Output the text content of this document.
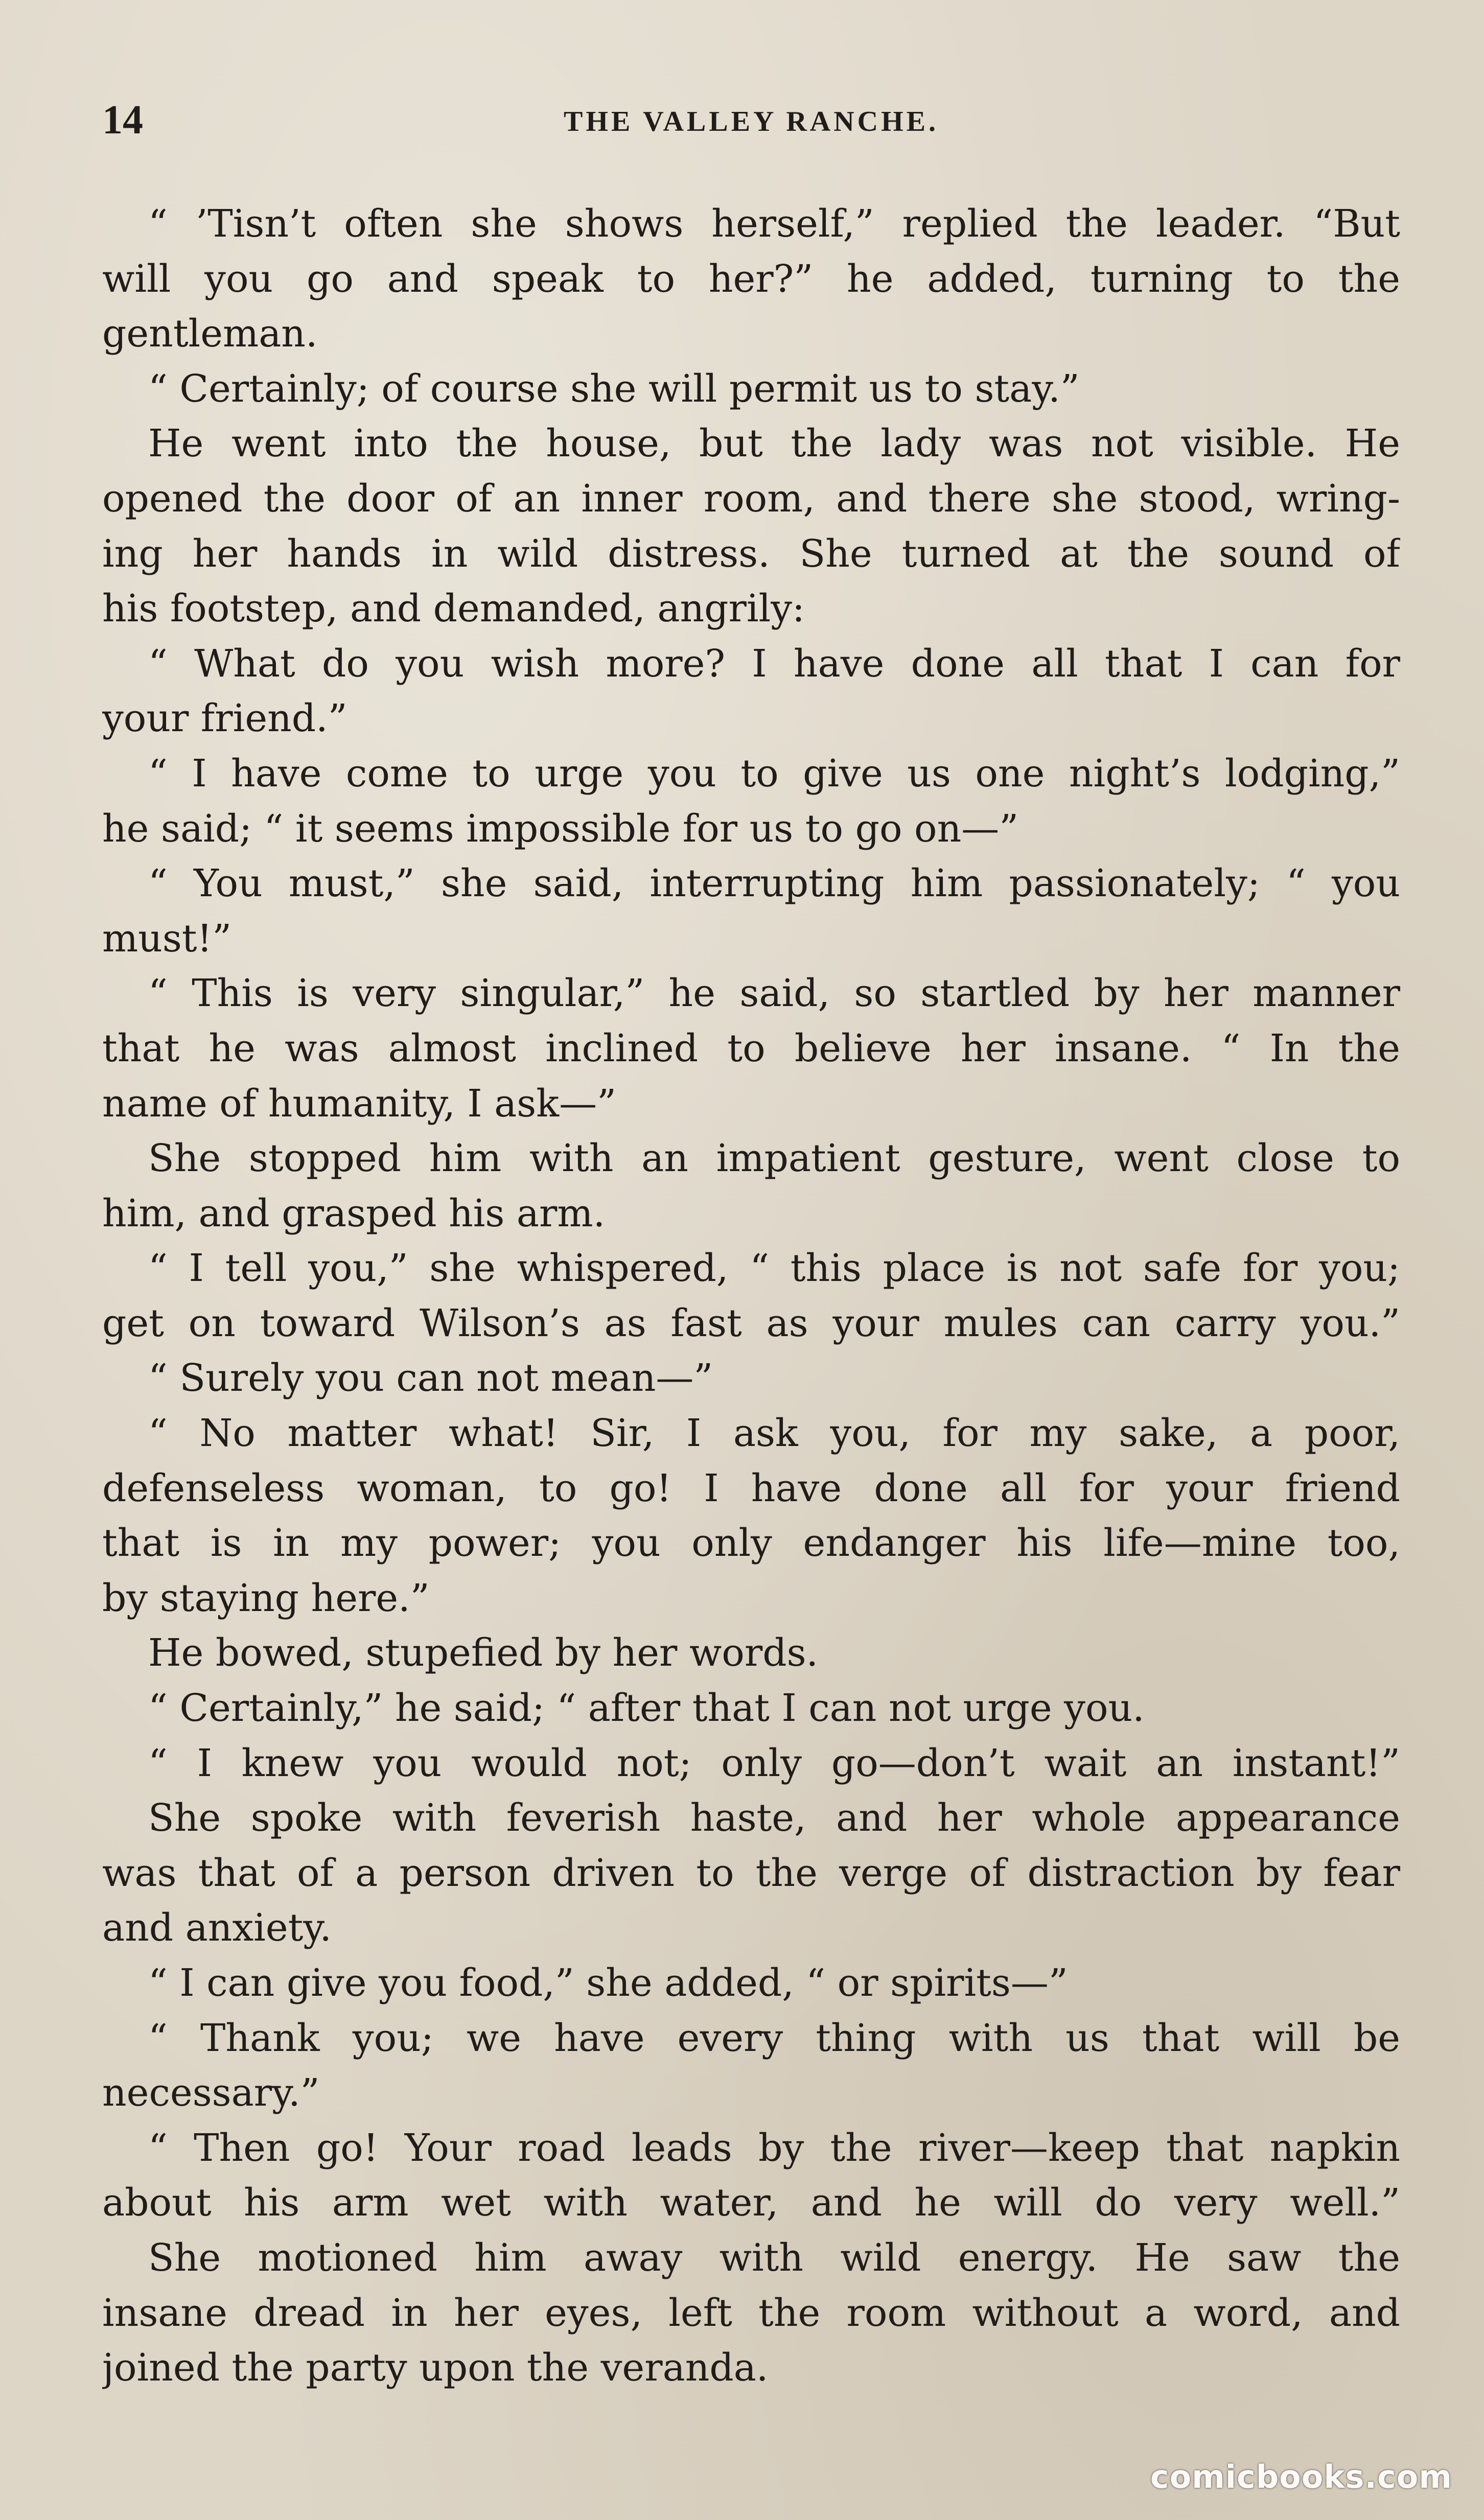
14	THE VALLEY RANCHE.
“ ’Tisn’t often she shows herself,” replied the leader. “But
will you go and speak to her?” he added, turning to the
gentleman.
“ Certainly; of course she will permit us to stay.”
He went into the house, but the lady was not visible. He
opened the door of an inner room, and there she stood, wring-
ing her hands in wild distress. She turned at the sound of
his footstep, and demanded, angrily:
“ What do you wish more? I have done all that I can for
your friend.”
“ I have come to urge you to give us one night’s lodging,”
he said; “ it seems impossible for us to go on—”
“ You must,” she said, interrupting him passionately; “ you
must!”
“ This is very singular,” he said, so startled by her manner
that he was almost inclined to believe her insane. “ In the
name of humanity, I ask—”
She stopped him with an impatient gesture, went close to
him, and grasped his arm.
“ I tell you,” she whispered, “ this place is not safe for you;
get on toward Wilson’s as fast as your mules can carry you.”
“ Surely you can not mean—”
“ No matter what! Sir, I ask you, for my sake, a poor,
defenseless woman, to go! I have done all for your friend
that is in my power; you only endanger his life—mine too,
by staying here.”
He bowed, stupefied by her words.
“ Certainly,” he said; “ after that I can not urge you.
“ I knew you would not; only go—don’t wait an instant!”
She spoke with feverish haste, and her whole appearance
was that of a person driven to the verge of distraction by fear
and anxiety.
“ I can give you food,” she added, “ or spirits—”
“ Thank you; we have every thing with us that will be
necessary.”
“ Then go! Your road leads by the river—keep that napkin
about his arm wet with water, and he will do very well.”
She motioned him away with wild energy. He saw the
insane dread in her eyes, left the room without a word, and
joined the party upon the veranda.
comicbooks.com
